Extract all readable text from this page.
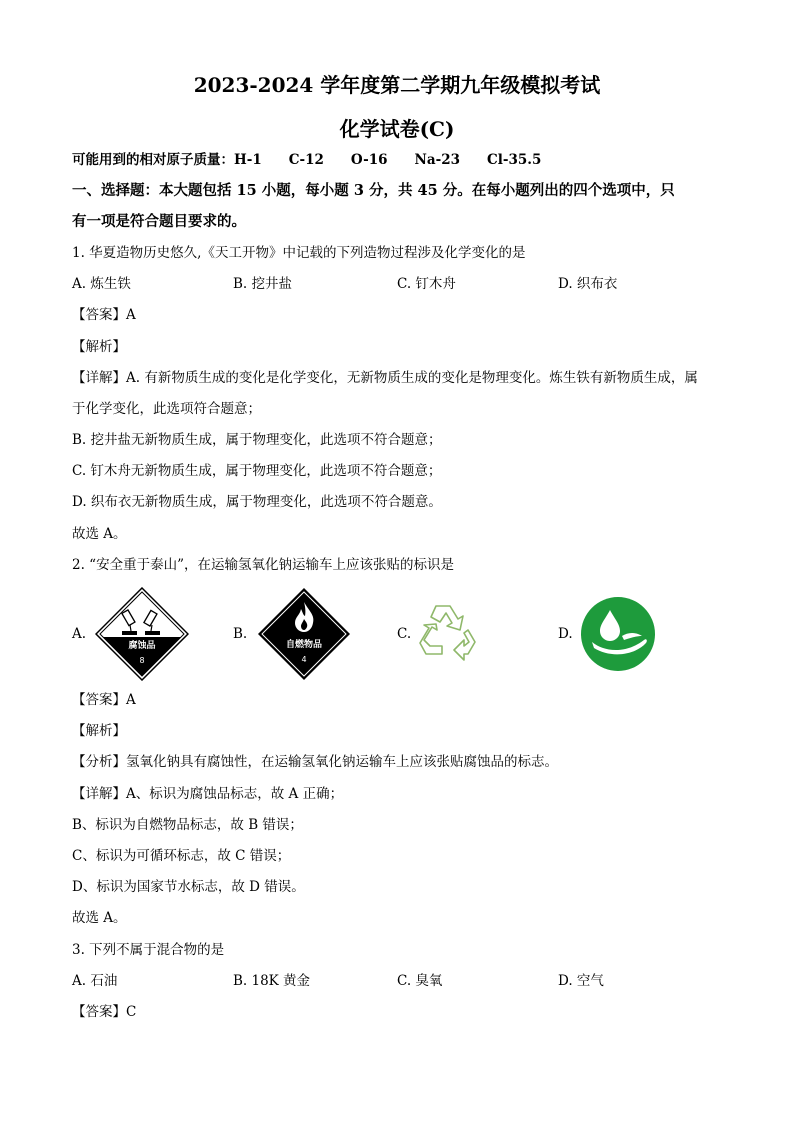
2023-2024 学年度第二学期九年级模拟考试
化学试卷(C)
可能用到的相对原子质量：H-1　　C-12　　O-16　　Na-23　　Cl-35.5
一、选择题：本大题包括 15 小题，每小题 3 分，共 45 分。在每小题列出的四个选项中，只
有一项是符合题目要求的。
1. 华夏造物历史悠久,《天工开物》中记载的下列造物过程涉及化学变化的是
A. 炼生铁	B. 挖井盐	C. 钉木舟	D. 织布衣
【答案】A
【解析】
【详解】A. 有新物质生成的变化是化学变化，无新物质生成的变化是物理变化。炼生铁有新物质生成，属
于化学变化，此选项符合题意；
B. 挖井盐无新物质生成，属于物理变化，此选项不符合题意；
C. 钉木舟无新物质生成，属于物理变化，此选项不符合题意；
D. 织布衣无新物质生成，属于物理变化，此选项不符合题意。
故选 A。
2. “安全重于泰山”，在运输氢氧化钠运输车上应该张贴的标识是
A.
腐蚀品
8
B.
自燃物品
4
C.	D.
【答案】A
【解析】
【分析】氢氧化钠具有腐蚀性，在运输氢氧化钠运输车上应该张贴腐蚀品的标志。
【详解】A、标识为腐蚀品标志，故 A 正确；
B、标识为自燃物品标志，故 B 错误；
C、标识为可循环标志，故 C 错误；
D、标识为国家节水标志，故 D 错误。
故选 A。
3. 下列不属于混合物的是
A. 石油	B. 18K 黄金	C. 臭氧	D. 空气
【答案】C
